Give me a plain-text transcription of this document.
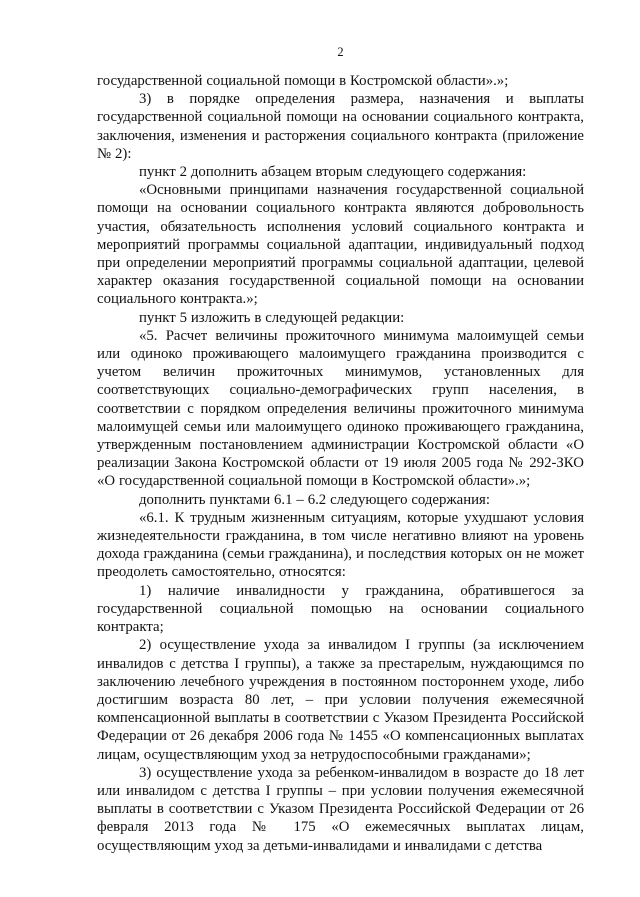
2

государственной социальной помощи в Костромской области».»;

3) в порядке определения размера, назначения и выплаты государственной социальной помощи на основании социального контракта, заключения, изменения и расторжения социального контракта (приложение № 2):

пункт 2 дополнить абзацем вторым следующего содержания:

«Основными принципами назначения государственной социальной помощи на основании социального контракта являются добровольность участия, обязательность исполнения условий социального контракта и мероприятий программы социальной адаптации, индивидуальный подход при определении мероприятий программы социальной адаптации, целевой характер оказания государственной социальной помощи на основании социального контракта.»;

пункт 5 изложить в следующей редакции:

«5. Расчет величины прожиточного минимума малоимущей семьи или одиноко проживающего малоимущего гражданина производится с учетом величин прожиточных минимумов, установленных для соответствующих социально-демографических групп населения, в соответствии с порядком определения величины прожиточного минимума малоимущей семьи или малоимущего одиноко проживающего гражданина, утвержденным постановлением администрации Костромской области «О реализации Закона Костромской области от 19 июля 2005 года № 292-ЗКО «О государственной социальной помощи в Костромской области».»;

дополнить пунктами 6.1 – 6.2 следующего содержания:

«6.1. К трудным жизненным ситуациям, которые ухудшают условия жизнедеятельности гражданина, в том числе негативно влияют на уровень дохода гражданина (семьи гражданина), и последствия которых он не может преодолеть самостоятельно, относятся:

1) наличие инвалидности у гражданина, обратившегося за государственной социальной помощью на основании социального контракта;

2) осуществление ухода за инвалидом I группы (за исключением инвалидов с детства I группы), а также за престарелым, нуждающимся по заключению лечебного учреждения в постоянном постороннем уходе, либо достигшим возраста 80 лет, – при условии получения ежемесячной компенсационной выплаты в соответствии с Указом Президента Российской Федерации от 26 декабря 2006 года № 1455 «О компенсационных выплатах лицам, осуществляющим уход за нетрудоспособными гражданами»;

3) осуществление ухода за ребенком-инвалидом в возрасте до 18 лет или инвалидом с детства I группы – при условии получения ежемесячной выплаты в соответствии с Указом Президента Российской Федерации от 26 февраля 2013 года № 175 «О ежемесячных выплатах лицам, осуществляющим уход за детьми-инвалидами и инвалидами с детства
